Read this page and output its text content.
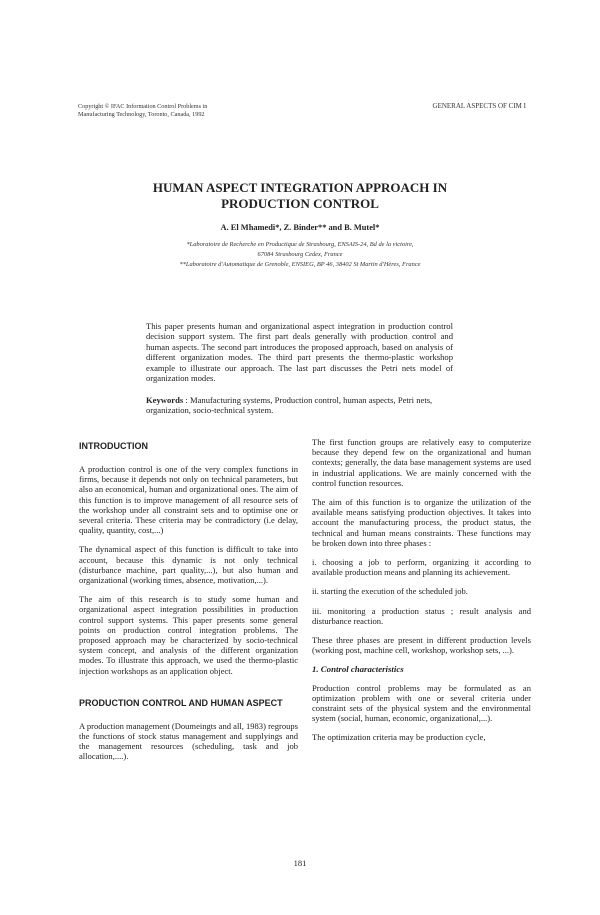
Copyright © IFAC Information Control Problems in
Manufacturing Technology, Toronto, Canada, 1992
GENERAL ASPECTS OF CIM I
HUMAN ASPECT INTEGRATION APPROACH IN
PRODUCTION CONTROL
A. El Mhamedi*, Z. Binder** and B. Mutel*
*Laboratoire de Recherche en Productique de Strasbourg, ENSAIS-24, Bd de la victoire,
67084 Strasbourg Cedex, France
**Laboratoire d'Automatique de Grenoble, ENSIEG, BP 46, 38402 St Martin d'Hères, France
This paper presents human and organizational aspect integration in production control decision support system. The first part deals generally with production control and human aspects. The second part introduces the proposed approach, based on analysis of different organization modes. The third part presents the thermo-plastic workshop example to illustrate our approach. The last part discusses the Petri nets model of organization modes.
Keywords : Manufacturing systems, Production control, human aspects, Petri nets, organization, socio-technical system.
INTRODUCTION

A production control is one of the very complex functions in firms, because it depends not only on technical parameters, but also an economical, human and organizational ones. The aim of this function is to improve management of all resource sets of the workshop under all constraint sets and to optimise one or several criteria. These criteria may be contradictory (i.e delay, quality, quantity, cost,...)

The dynamical aspect of this function is difficult to take into account, because this dynamic is not only technical (disturbance machine, part quality,...), but also human and organizational (working times, absence, motivation,...).

The aim of this research is to study some human and organizational aspect integration possibilities in production control support systems. This paper presents some general points on production control integration problems. The proposed approach may be characterized by socio-technical system concept, and analysis of the different organization modes. To illustrate this approach, we used the thermo-plastic injection workshops as an application object.

PRODUCTION CONTROL AND HUMAN ASPECT

A production management (Doumeingts and all, 1983) regroups the functions of stock status management and supplyings and the management resources (scheduling, task and job allocation,....).

The first function groups are relatively easy to computerize because they depend few on the organizational and human contexts; generally, the data base management systems are used in industrial applications. We are mainly concerned with the control function resources.

The aim of this function is to organize the utilization of the available means satisfying production objectives. It takes into account the manufacturing process, the product status, the technical and human means constraints. These functions may be broken down into three phases :

i. choosing a job to perform, organizing it according to available production means and planning its achievement.

ii. starting the execution of the scheduled job.

iii. monitoring a production status ; result analysis and disturbance reaction.

These three phases are present in different production levels (working post, machine cell, workshop, workshop sets, ...).

1. Control characteristics

Production control problems may be formulated as an optimization problem with one or several criteria under constraint sets of the physical system and the environmental system (social, human, economic, organizational,...).

The optimization criteria may be production cycle,

181
